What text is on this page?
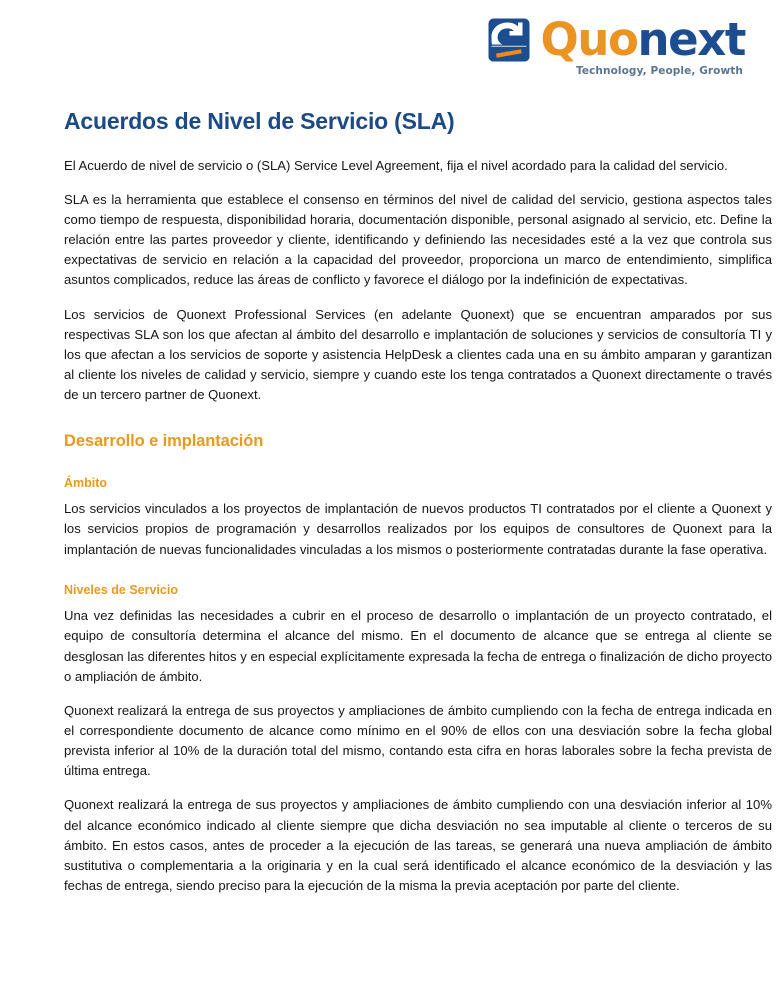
Quonext
Technology, People, Growth
Acuerdos de Nivel de Servicio (SLA)

El Acuerdo de nivel de servicio o (SLA) Service Level Agreement, fija el nivel acordado para la calidad del servicio.

SLA es la herramienta que establece el consenso en términos del nivel de calidad del servicio, gestiona aspectos tales como tiempo de respuesta, disponibilidad horaria, documentación disponible, personal asignado al servicio, etc. Define la relación entre las partes proveedor y cliente, identificando y definiendo las necesidades esté a la vez que controla sus expectativas de servicio en relación a la capacidad del proveedor, proporciona un marco de entendimiento, simplifica asuntos complicados, reduce las áreas de conflicto y favorece el diálogo por la indefinición de expectativas.

Los servicios de Quonext Professional Services (en adelante Quonext) que se encuentran amparados por sus respectivas SLA son los que afectan al ámbito del desarrollo e implantación de soluciones y servicios de consultoría TI y los que afectan a los servicios de soporte y asistencia HelpDesk a clientes cada una en su ámbito amparan y garantizan al cliente los niveles de calidad y servicio, siempre y cuando este los tenga contratados a Quonext directamente o través de un tercero partner de Quonext.

Desarrollo e implantación
Ámbito

Los servicios vinculados a los proyectos de implantación de nuevos productos TI contratados por el cliente a Quonext y los servicios propios de programación y desarrollos realizados por los equipos de consultores de Quonext para la implantación de nuevas funcionalidades vinculadas a los mismos o posteriormente contratadas durante la fase operativa.

Niveles de Servicio

Una vez definidas las necesidades a cubrir en el proceso de desarrollo o implantación de un proyecto contratado, el equipo de consultoría determina el alcance del mismo. En el documento de alcance que se entrega al cliente se desglosan las diferentes hitos y en especial explícitamente expresada la fecha de entrega o finalización de dicho proyecto o ampliación de ámbito.

Quonext realizará la entrega de sus proyectos y ampliaciones de ámbito cumpliendo con la fecha de entrega indicada en el correspondiente documento de alcance como mínimo en el 90% de ellos con una desviación sobre la fecha global prevista inferior al 10% de la duración total del mismo, contando esta cifra en horas laborales sobre la fecha prevista de última entrega.

Quonext realizará la entrega de sus proyectos y ampliaciones de ámbito cumpliendo con una desviación inferior al 10% del alcance económico indicado al cliente siempre que dicha desviación no sea imputable al cliente o terceros de su ámbito. En estos casos, antes de proceder a la ejecución de las tareas, se generará una nueva ampliación de ámbito sustitutiva o complementaria a la originaria y en la cual será identificado el alcance económico de la desviación y las fechas de entrega, siendo preciso para la ejecución de la misma la previa aceptación por parte del cliente.
